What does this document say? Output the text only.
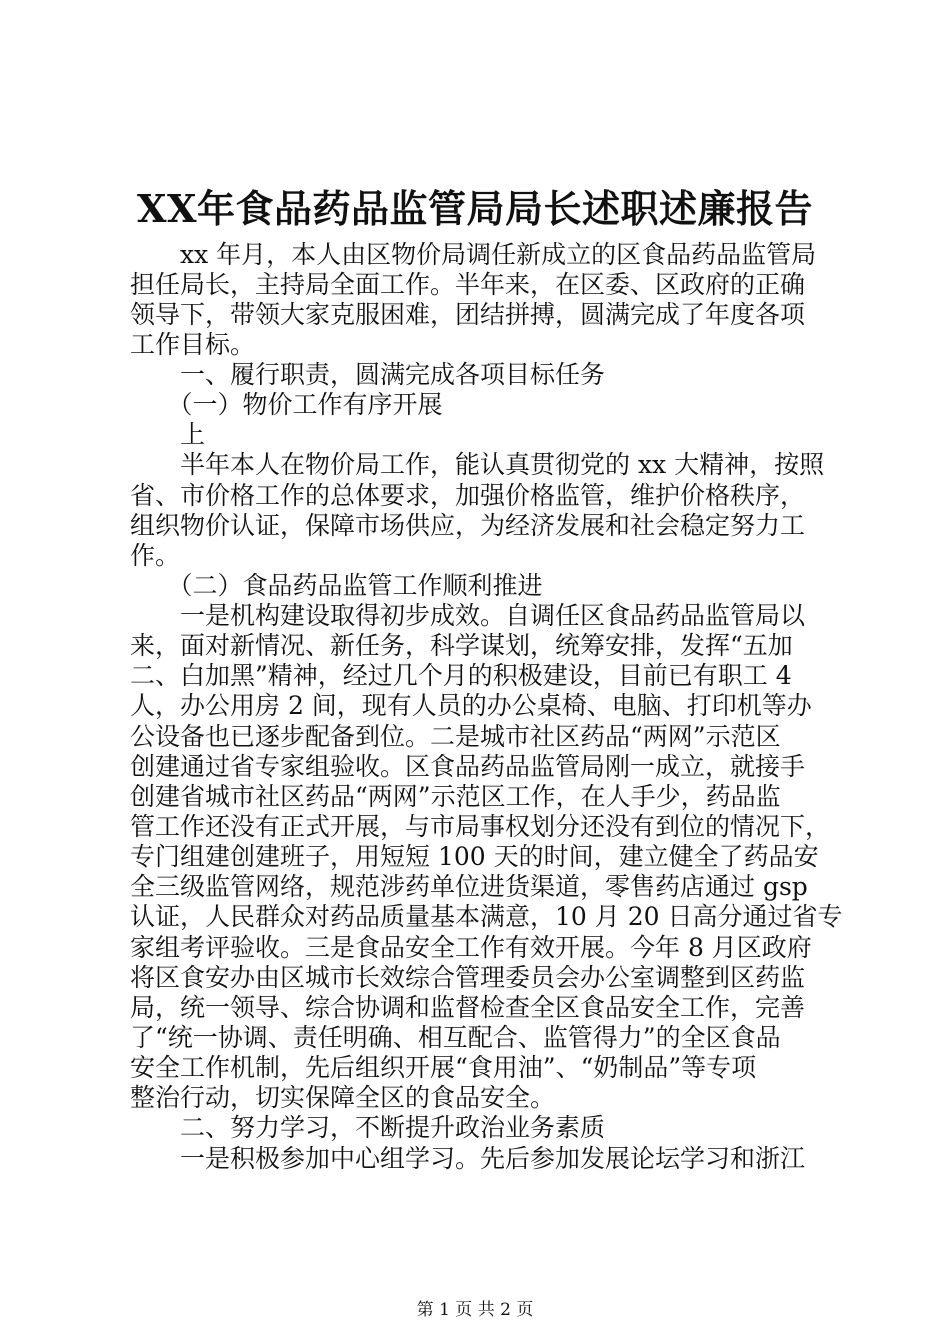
XX年食品药品监管局局长述职述廉报告
　　xx 年月，本人由区物价局调任新成立的区食品药品监管局
担任局长，主持局全面工作。半年来，在区委、区政府的正确
领导下，带领大家克服困难，团结拼搏，圆满完成了年度各项
工作目标。
　　一、履行职责，圆满完成各项目标任务
　　（一）物价工作有序开展
　　上
　　半年本人在物价局工作，能认真贯彻党的 xx 大精神，按照
省、市价格工作的总体要求，加强价格监管，维护价格秩序，
组织物价认证，保障市场供应，为经济发展和社会稳定努力工
作。
　　（二）食品药品监管工作顺利推进
　　一是机构建设取得初步成效。自调任区食品药品监管局以
来，面对新情况、新任务，科学谋划，统筹安排，发挥“五加
二、白加黑”精神，经过几个月的积极建设，目前已有职工 4
人，办公用房 2 间，现有人员的办公桌椅、电脑、打印机等办
公设备也已逐步配备到位。二是城市社区药品“两网”示范区
创建通过省专家组验收。区食品药品监管局刚一成立，就接手
创建省城市社区药品“两网”示范区工作，在人手少，药品监
管工作还没有正式开展，与市局事权划分还没有到位的情况下，
专门组建创建班子，用短短 100 天的时间，建立健全了药品安
全三级监管网络，规范涉药单位进货渠道，零售药店通过 gsp
认证，人民群众对药品质量基本满意，10 月 20 日高分通过省专
家组考评验收。三是食品安全工作有效开展。今年 8 月区政府
将区食安办由区城市长效综合管理委员会办公室调整到区药监
局，统一领导、综合协调和监督检查全区食品安全工作，完善
了“统一协调、责任明确、相互配合、监管得力”的全区食品
安全工作机制，先后组织开展“食用油”、“奶制品”等专项
整治行动，切实保障全区的食品安全。
　　二、努力学习，不断提升政治业务素质
　　一是积极参加中心组学习。先后参加发展论坛学习和浙江
第 1 页 共 2 页
